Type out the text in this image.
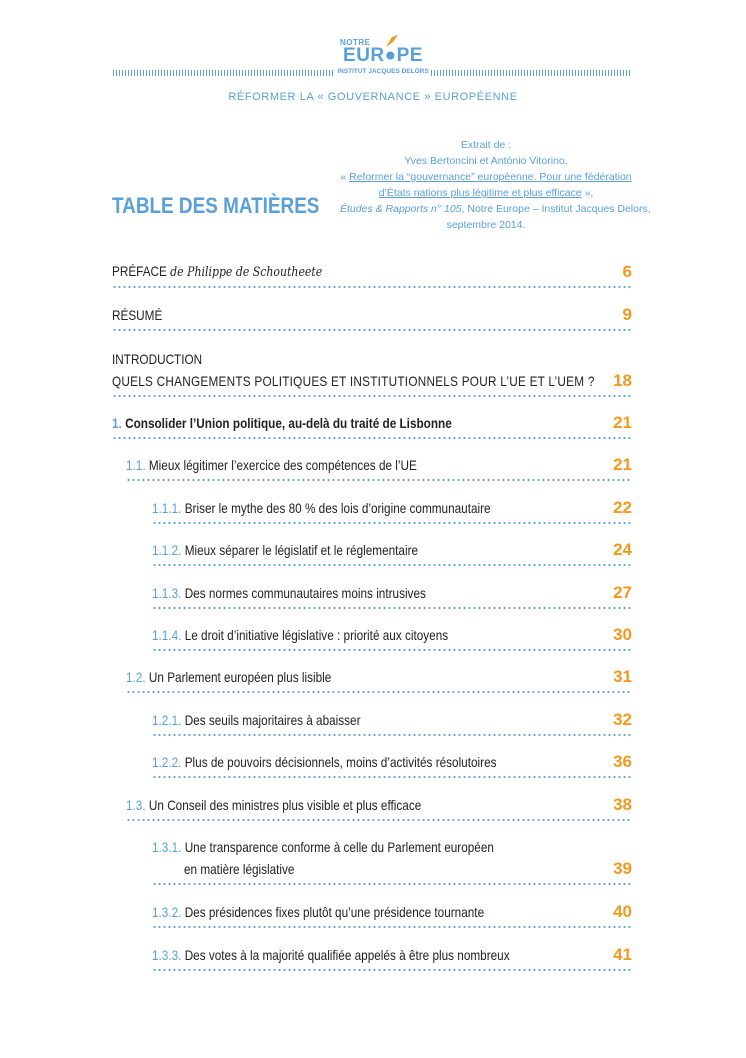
NOTRE
EUR●PE
INSTITUT JACQUES DELORS
RÉFORMER LA « GOUVERNANCE » EUROPÉENNE
TABLE DES MATIÈRES
Extrait de :
Yves Bertoncini et António Vitorino,
« Reformer la “gouvernance” européenne. Pour une fédération
d’États nations plus légitime et plus efficace »,
Études & Rapports n° 105, Notre Europe – Institut Jacques Delors,
septembre 2014.
PRÉFACE de Philippe de Schoutheete	6
RÉSUMÉ	9
INTRODUCTION
QUELS CHANGEMENTS POLITIQUES ET INSTITUTIONNELS POUR L’UE ET L’UEM ? 18
1. Consolider l’Union politique, au-delà du traité de Lisbonne	21
1.1. Mieux légitimer l’exercice des compétences de l’UE	21
1.1.1. Briser le mythe des 80 % des lois d’origine communautaire	22
1.1.2. Mieux séparer le législatif et le réglementaire	24
1.1.3. Des normes communautaires moins intrusives	27
1.1.4. Le droit d’initiative législative : priorité aux citoyens	30
1.2. Un Parlement européen plus lisible	31
1.2.1. Des seuils majoritaires à abaisser	32
1.2.2. Plus de pouvoirs décisionnels, moins d’activités résolutoires	36
1.3. Un Conseil des ministres plus visible et plus efficace	38
1.3.1. Une transparence conforme à celle du Parlement européen
en matière législative	39
1.3.2. Des présidences fixes plutôt qu’une présidence tournante	40
1.3.3. Des votes à la majorité qualifiée appelés à être plus nombreux	41
